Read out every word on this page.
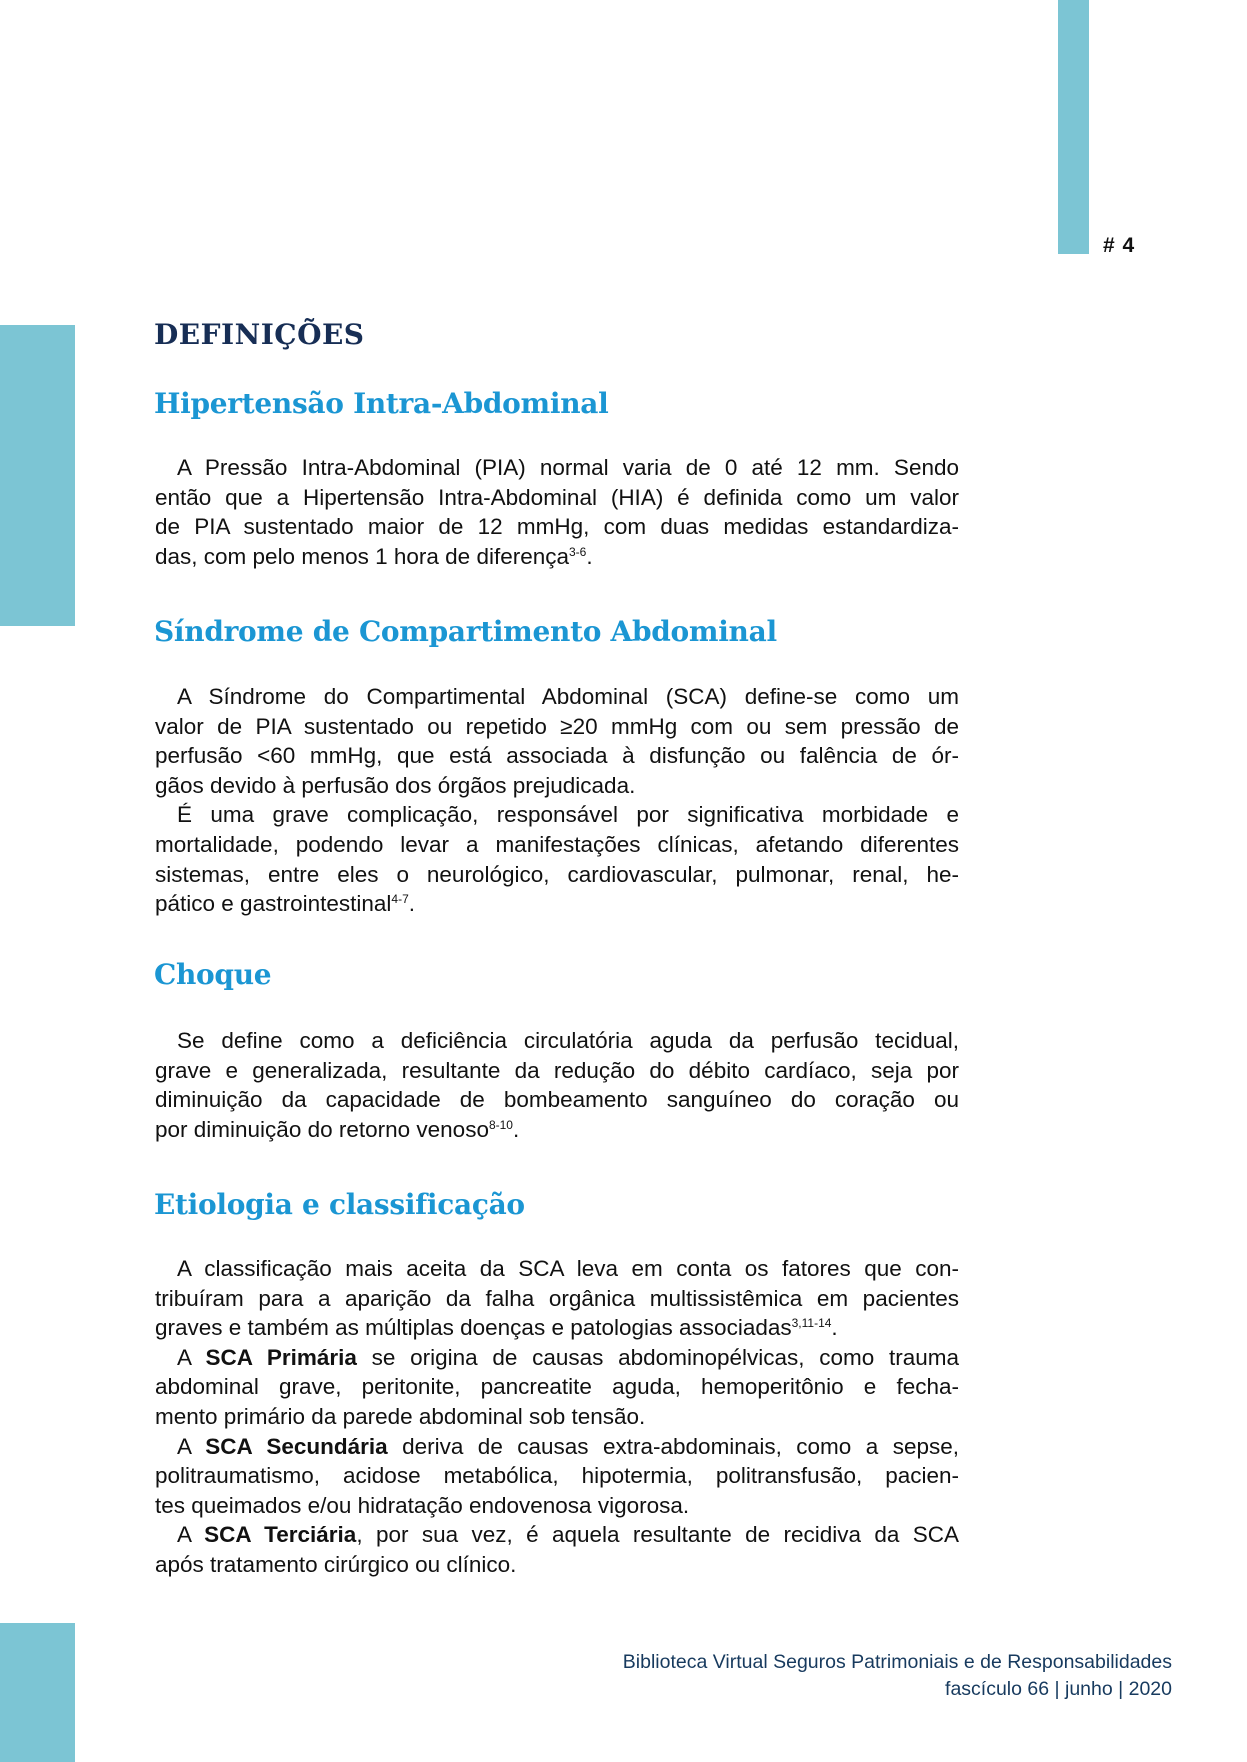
# 4
DEFINIÇÕES
Hipertensão Intra-Abdominal
A Pressão Intra-Abdominal (PIA) normal varia de 0 até 12 mm. Sendo
então que a Hipertensão Intra-Abdominal (HIA) é definida como um valor
de PIA sustentado maior de 12 mmHg, com duas medidas estandardiza-
das, com pelo menos 1 hora de diferença$^{3-6}$.
Síndrome de Compartimento Abdominal
A Síndrome do Compartimental Abdominal (SCA) define-se como um
valor de PIA sustentado ou repetido ≥20 mmHg com ou sem pressão de
perfusão <60 mmHg, que está associada à disfunção ou falência de ór-
gãos devido à perfusão dos órgãos prejudicada.
É uma grave complicação, responsável por significativa morbidade e
mortalidade, podendo levar a manifestações clínicas, afetando diferentes
sistemas, entre eles o neurológico, cardiovascular, pulmonar, renal, he-
pático e gastrointestinal$^{4-7}$.
Choque
Se define como a deficiência circulatória aguda da perfusão tecidual,
grave e generalizada, resultante da redução do débito cardíaco, seja por
diminuição da capacidade de bombeamento sanguíneo do coração ou
por diminuição do retorno venoso$^{8-10}$.
Etiologia e classificação
A classificação mais aceita da SCA leva em conta os fatores que con-
tribuíram para a aparição da falha orgânica multissistêmica em pacientes
graves e também as múltiplas doenças e patologias associadas$^{3,11-14}$.
A SCA Primária se origina de causas abdominopélvicas, como trauma
abdominal grave, peritonite, pancreatite aguda, hemoperitônio e fecha-
mento primário da parede abdominal sob tensão.
A SCA Secundária deriva de causas extra-abdominais, como a sepse,
politraumatismo, acidose metabólica, hipotermia, politransfusão, pacien-
tes queimados e/ou hidratação endovenosa vigorosa.
A SCA Terciária, por sua vez, é aquela resultante de recidiva da SCA
após tratamento cirúrgico ou clínico.
Biblioteca Virtual Seguros Patrimoniais e de Responsabilidades
fascículo 66 | junho | 2020
